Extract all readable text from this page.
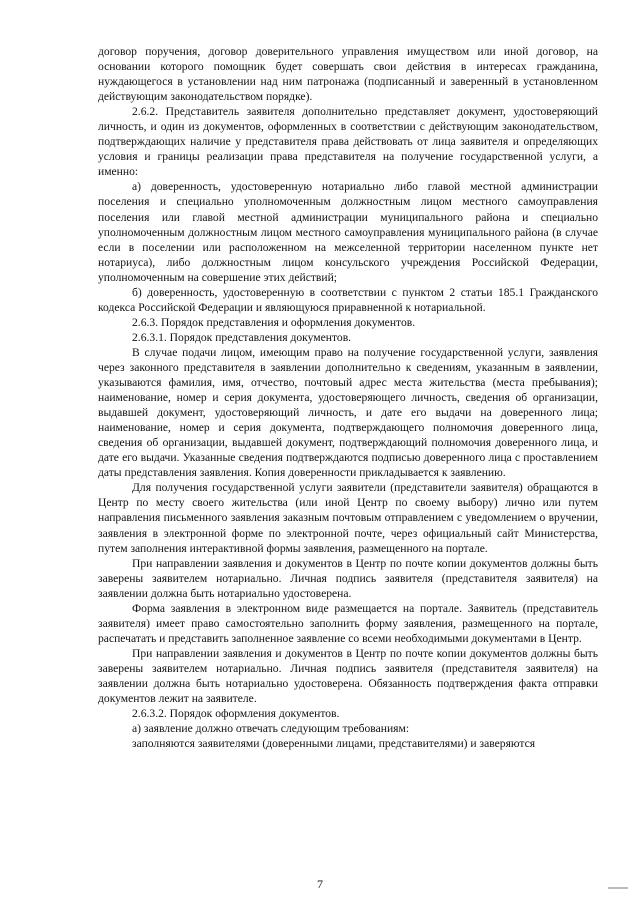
договор поручения, договор доверительного управления имуществом или иной договор, на основании которого помощник будет совершать свои действия в интересах гражданина, нуждающегося в установлении над ним патронажа (подписанный и заверенный в установленном действующим законодательством порядке).

2.6.2. Представитель заявителя дополнительно представляет документ, удостоверяющий личность, и один из документов, оформленных в соответствии с действующим законодательством, подтверждающих наличие у представителя права действовать от лица заявителя и определяющих условия и границы реализации права представителя на получение государственной услуги, а именно:

а) доверенность, удостоверенную нотариально либо главой местной администрации поселения и специально уполномоченным должностным лицом местного самоуправления поселения или главой местной администрации муниципального района и специально уполномоченным должностным лицом местного самоуправления муниципального района (в случае если в поселении или расположенном на межселенной территории населенном пункте нет нотариуса), либо должностным лицом консульского учреждения Российской Федерации, уполномоченным на совершение этих действий;

б) доверенность, удостоверенную в соответствии с пунктом 2 статьи 185.1 Гражданского кодекса Российской Федерации и являющуюся приравненной к нотариальной.

2.6.3. Порядок представления и оформления документов.

2.6.3.1. Порядок представления документов.

В случае подачи лицом, имеющим право на получение государственной услуги, заявления через законного представителя в заявлении дополнительно к сведениям, указанным в заявлении, указываются фамилия, имя, отчество, почтовый адрес места жительства (места пребывания); наименование, номер и серия документа, удостоверяющего личность, сведения об организации, выдавшей документ, удостоверяющий личность, и дате его выдачи на доверенного лица; наименование, номер и серия документа, подтверждающего полномочия доверенного лица, сведения об организации, выдавшей документ, подтверждающий полномочия доверенного лица, и дате его выдачи. Указанные сведения подтверждаются подписью доверенного лица с проставлением даты представления заявления. Копия доверенности прикладывается к заявлению.

Для получения государственной услуги заявители (представители заявителя) обращаются в Центр по месту своего жительства (или иной Центр по своему выбору) лично или путем направления письменного заявления заказным почтовым отправлением с уведомлением о вручении, заявления в электронной форме по электронной почте, через официальный сайт Министерства, путем заполнения интерактивной формы заявления, размещенного на портале.

При направлении заявления и документов в Центр по почте копии документов должны быть заверены заявителем нотариально. Личная подпись заявителя (представителя заявителя) на заявлении должна быть нотариально удостоверена.

Форма заявления в электронном виде размещается на портале. Заявитель (представитель заявителя) имеет право самостоятельно заполнить форму заявления, размещенного на портале, распечатать и представить заполненное заявление со всеми необходимыми документами в Центр.

При направлении заявления и документов в Центр по почте копии документов должны быть заверены заявителем нотариально. Личная подпись заявителя (представителя заявителя) на заявлении должна быть нотариально удостоверена. Обязанность подтверждения факта отправки документов лежит на заявителе.

2.6.3.2. Порядок оформления документов.

а) заявление должно отвечать следующим требованиям:

заполняются заявителями (доверенными лицами, представителями) и заверяются

7
